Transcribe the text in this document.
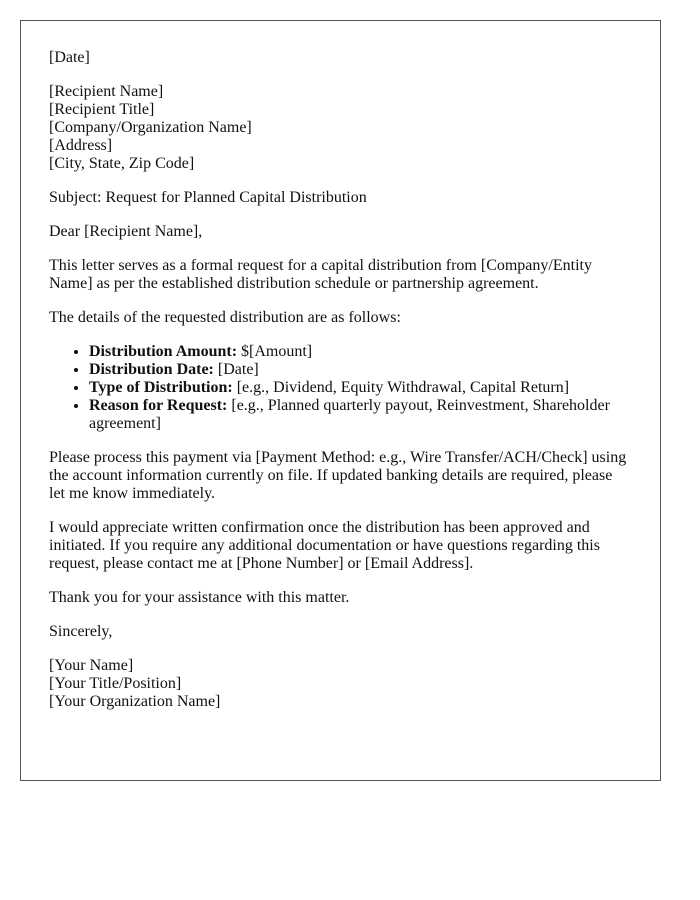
[Date]

[Recipient Name]
[Recipient Title]
[Company/Organization Name]
[Address]
[City, State, Zip Code]

Subject: Request for Planned Capital Distribution

Dear [Recipient Name],

This letter serves as a formal request for a capital distribution from [Company/Entity Name] as per the established distribution schedule or partnership agreement.

The details of the requested distribution are as follows:

• Distribution Amount: $[Amount]
• Distribution Date: [Date]
• Type of Distribution: [e.g., Dividend, Equity Withdrawal, Capital Return]
• Reason for Request: [e.g., Planned quarterly payout, Reinvestment, Shareholder agreement]

Please process this payment via [Payment Method: e.g., Wire Transfer/ACH/Check] using the account information currently on file. If updated banking details are required, please let me know immediately.

I would appreciate written confirmation once the distribution has been approved and initiated. If you require any additional documentation or have questions regarding this request, please contact me at [Phone Number] or [Email Address].

Thank you for your assistance with this matter.

Sincerely,

[Your Name]
[Your Title/Position]
[Your Organization Name]
